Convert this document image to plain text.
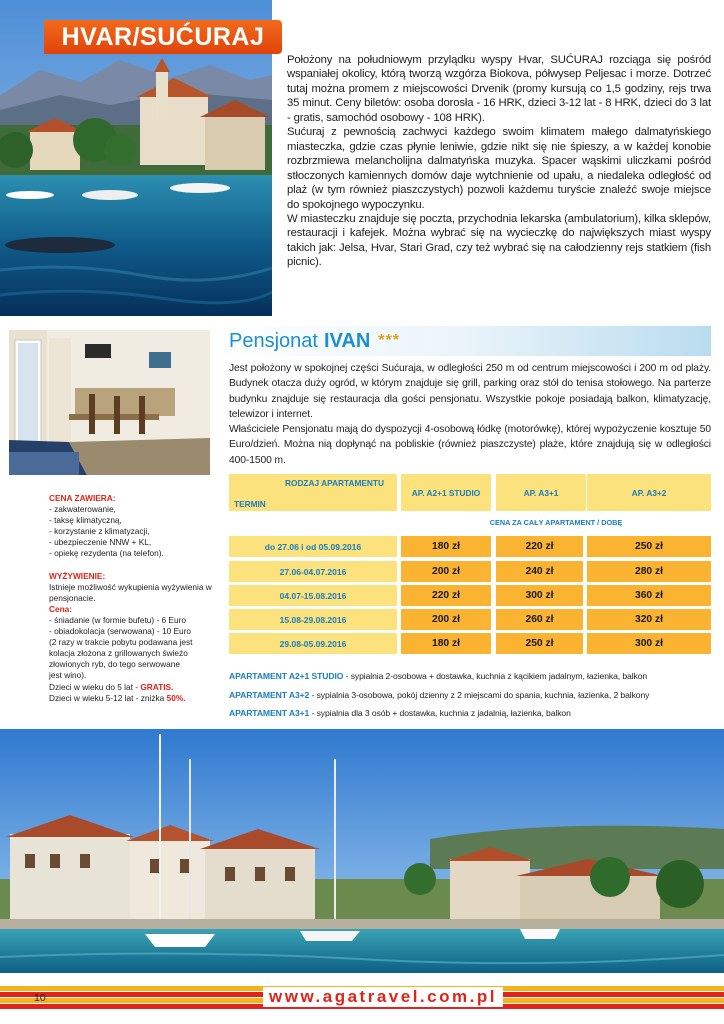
HVAR/SUĆURAJ

Położony na południowym przylądku wyspy Hvar, SUĆURAJ rozciąga się pośród wspaniałej okolicy, którą tworzą wzgórza Biokova, półwysep Peljesac i morze. Dotrzeć tutaj można promem z miejscowości Drvenik (promy kursują co 1,5 godziny, rejs trwa 35 minut. Ceny biletów: osoba dorosła - 16 HRK, dzieci 3-12 lat - 8 HRK, dzieci do 3 lat - gratis, samochód osobowy - 108 HRK).

Sućuraj z pewnością zachwyci każdego swoim klimatem małego dalmatyńskiego miasteczka, gdzie czas płynie leniwie, gdzie nikt się nie śpieszy, a w każdej konobie rozbrzmiewa melancholijna dalmatyńska muzyka. Spacer wąskimi uliczkami pośród stłoczonych kamiennych domów daje wytchnienie od upału, a niedaleka odległość od plaż (w tym również piaszczystych) pozwoli każdemu turyście znaleźć swoje miejsce do spokojnego wypoczynku.

W miasteczku znajduje się poczta, przychodnia lekarska (ambulatorium), kilka sklepów, restauracji i kafejek. Można wybrać się na wycieczkę do największych miast wyspy takich jak: Jelsa, Hvar, Stari Grad, czy też wybrać się na całodzienny rejs statkiem (fish picnic).

Pensjonat IVAN ***

Jest położony w spokojnej części Sućuraja, w odległości 250 m od centrum miejscowości i 200 m od plaży. Budynek otacza duży ogród, w którym znajduje się grill, parking oraz stół do tenisa stołowego. Na parterze budynku znajduje się restauracja dla gości pensjonatu. Wszystkie pokoje posiadają balkon, klimatyzację, telewizor i internet.

Właściciele Pensjonatu mają do dyspozycji 4-osobową łódkę (motorówkę), której wypożyczenie kosztuje 50 Euro/dzień. Można nią dopłynąć na pobliskie (również piaszczyste) plaże, które znajdują się w odległości 400-1500 m.

CENA ZAWIERA:
- zakwaterowanie,
- taksę klimatyczną,
- korzystanie z klimatyzacji,
- ubezpieczenie NNW + KL,
- opiekę rezydenta (na telefon).
WYŻYWIENIE:
Istnieje możliwość wykupienia wyżywienia w pensjonacie.
Cena:
- śniadanie (w formie bufetu) - 6 Euro
- obiadokolacja (serwowana) - 10 Euro
(2 razy w trakcie pobytu podawana jest
kolacja złożona z grillowanych świeżo
złowionych ryb, do tego serwowane
jest wino).
Dzieci w wieku do 5 lat - GRATIS.
Dzieci w wieku 5-12 lat - zniżka 50%.
RODZAJ APARTAMENTU
TERMIN
AP. A2+1 STUDIO	AP. A3+1	AP. A3+2
CENA ZA CAŁY APARTAMENT / DOBĘ
do 27.06 i od 05.09.2016	180 zł	220 zł	250 zł
27.06-04.07.2016	200 zł	240 zł	280 zł
04.07-15.08.2016	220 zł	300 zł	360 zł
15.08-29.08.2016	200 zł	260 zł	320 zł
29.08-05.09.2016	180 zł	250 zł	300 zł
APARTAMENT A2+1 STUDIO - sypialnia 2-osobowa + dostawka, kuchnia z kącikiem jadalnym, łazienka, balkon
APARTAMENT A3+2 - sypialnia 3-osobowa, pokój dzienny z 2 miejscami do spania, kuchnia, łazienka, 2 balkony
APARTAMENT A3+1 - sypialnia dla 3 osób + dostawka, kuchnia z jadalnią, łazienka, balkon
10	www.agatravel.com.pl
